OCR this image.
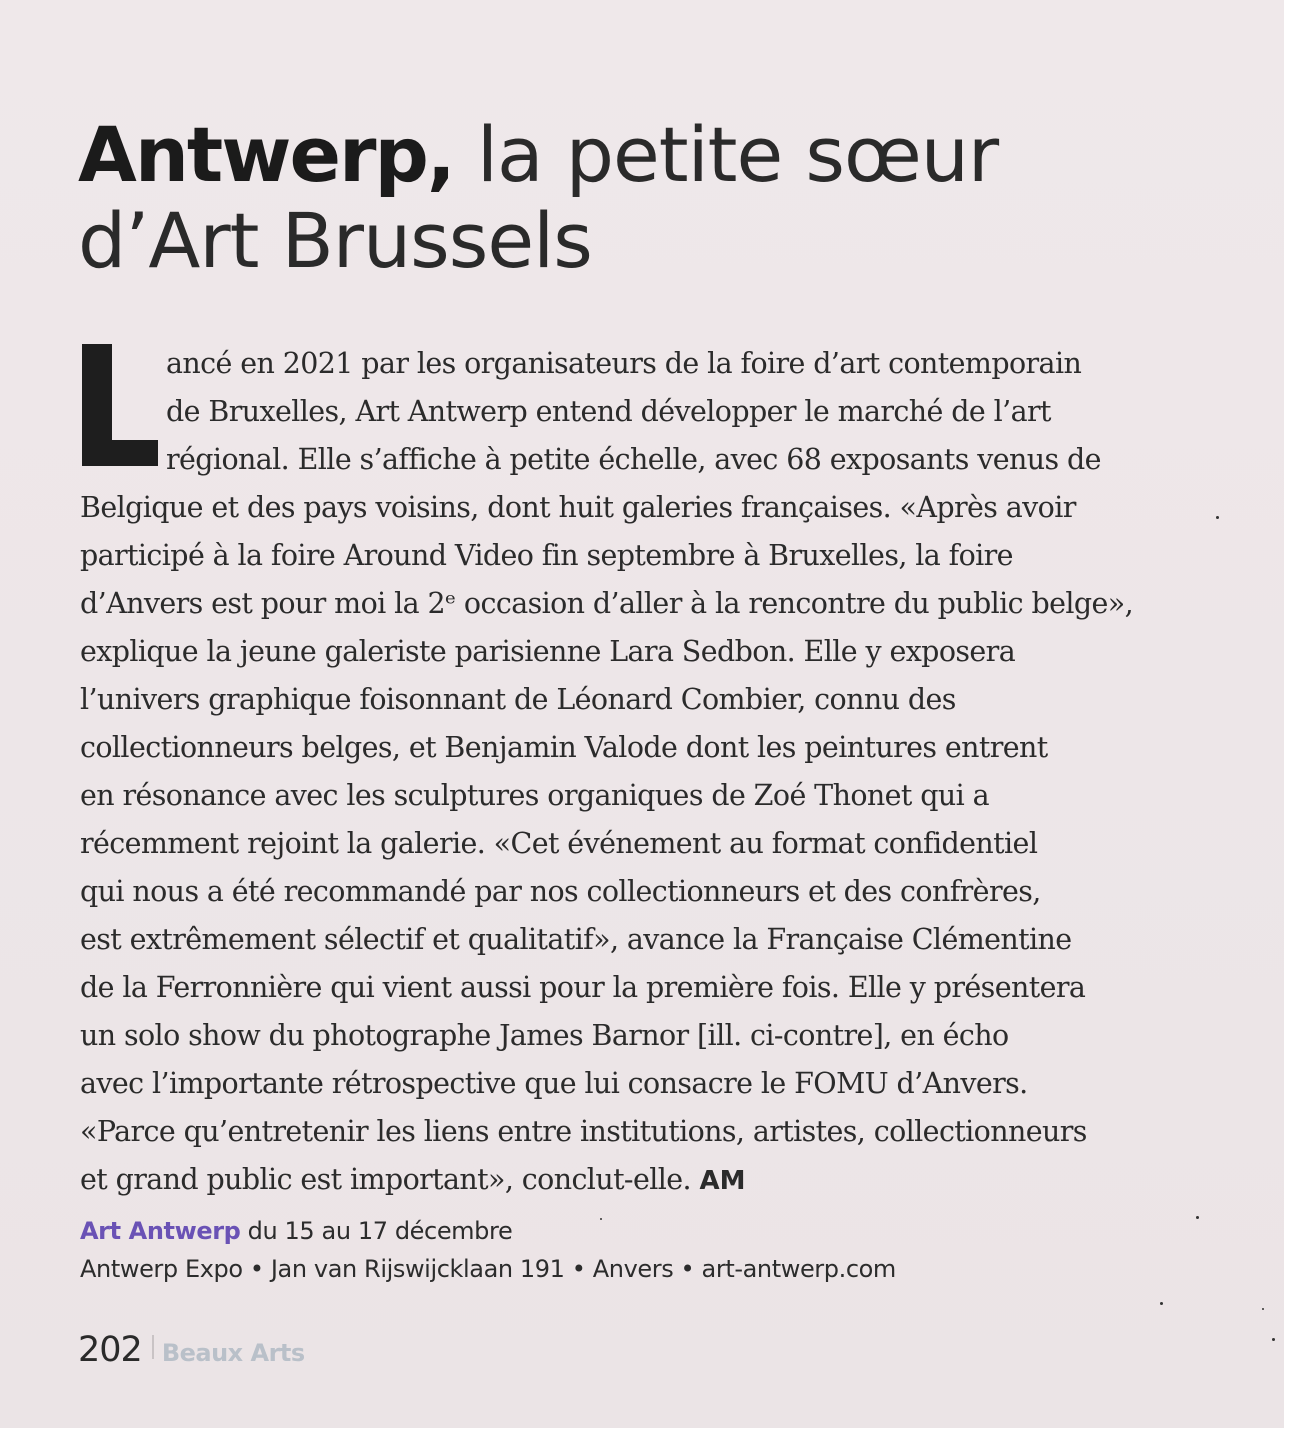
Antwerp, la petite sœur
d’Art Brussels
ancé en 2021 par les organisateurs de la foire d’art contemporain
de Bruxelles, Art Antwerp entend développer le marché de l’art
régional. Elle s’affiche à petite échelle, avec 68 exposants venus de
Belgique et des pays voisins, dont huit galeries françaises. «Après avoir
participé à la foire Around Video fin septembre à Bruxelles, la foire
d’Anvers est pour moi la 2ᵉ occasion d’aller à la rencontre du public belge»,
explique la jeune galeriste parisienne Lara Sedbon. Elle y exposera
l’univers graphique foisonnant de Léonard Combier, connu des
collectionneurs belges, et Benjamin Valode dont les peintures entrent
en résonance avec les sculptures organiques de Zoé Thonet qui a
récemment rejoint la galerie. «Cet événement au format confidentiel
qui nous a été recommandé par nos collectionneurs et des confrères,
est extrêmement sélectif et qualitatif», avance la Française Clémentine
de la Ferronnière qui vient aussi pour la première fois. Elle y présentera
un solo show du photographe James Barnor [ill. ci-contre], en écho
avec l’importante rétrospective que lui consacre le FOMU d’Anvers.
«Parce qu’entretenir les liens entre institutions, artistes, collectionneurs
et grand public est important», conclut-elle. AM
Art Antwerp du 15 au 17 décembre
Antwerp Expo • Jan van Rijswijcklaan 191 • Anvers • art-antwerp.com
202 Beaux Arts
